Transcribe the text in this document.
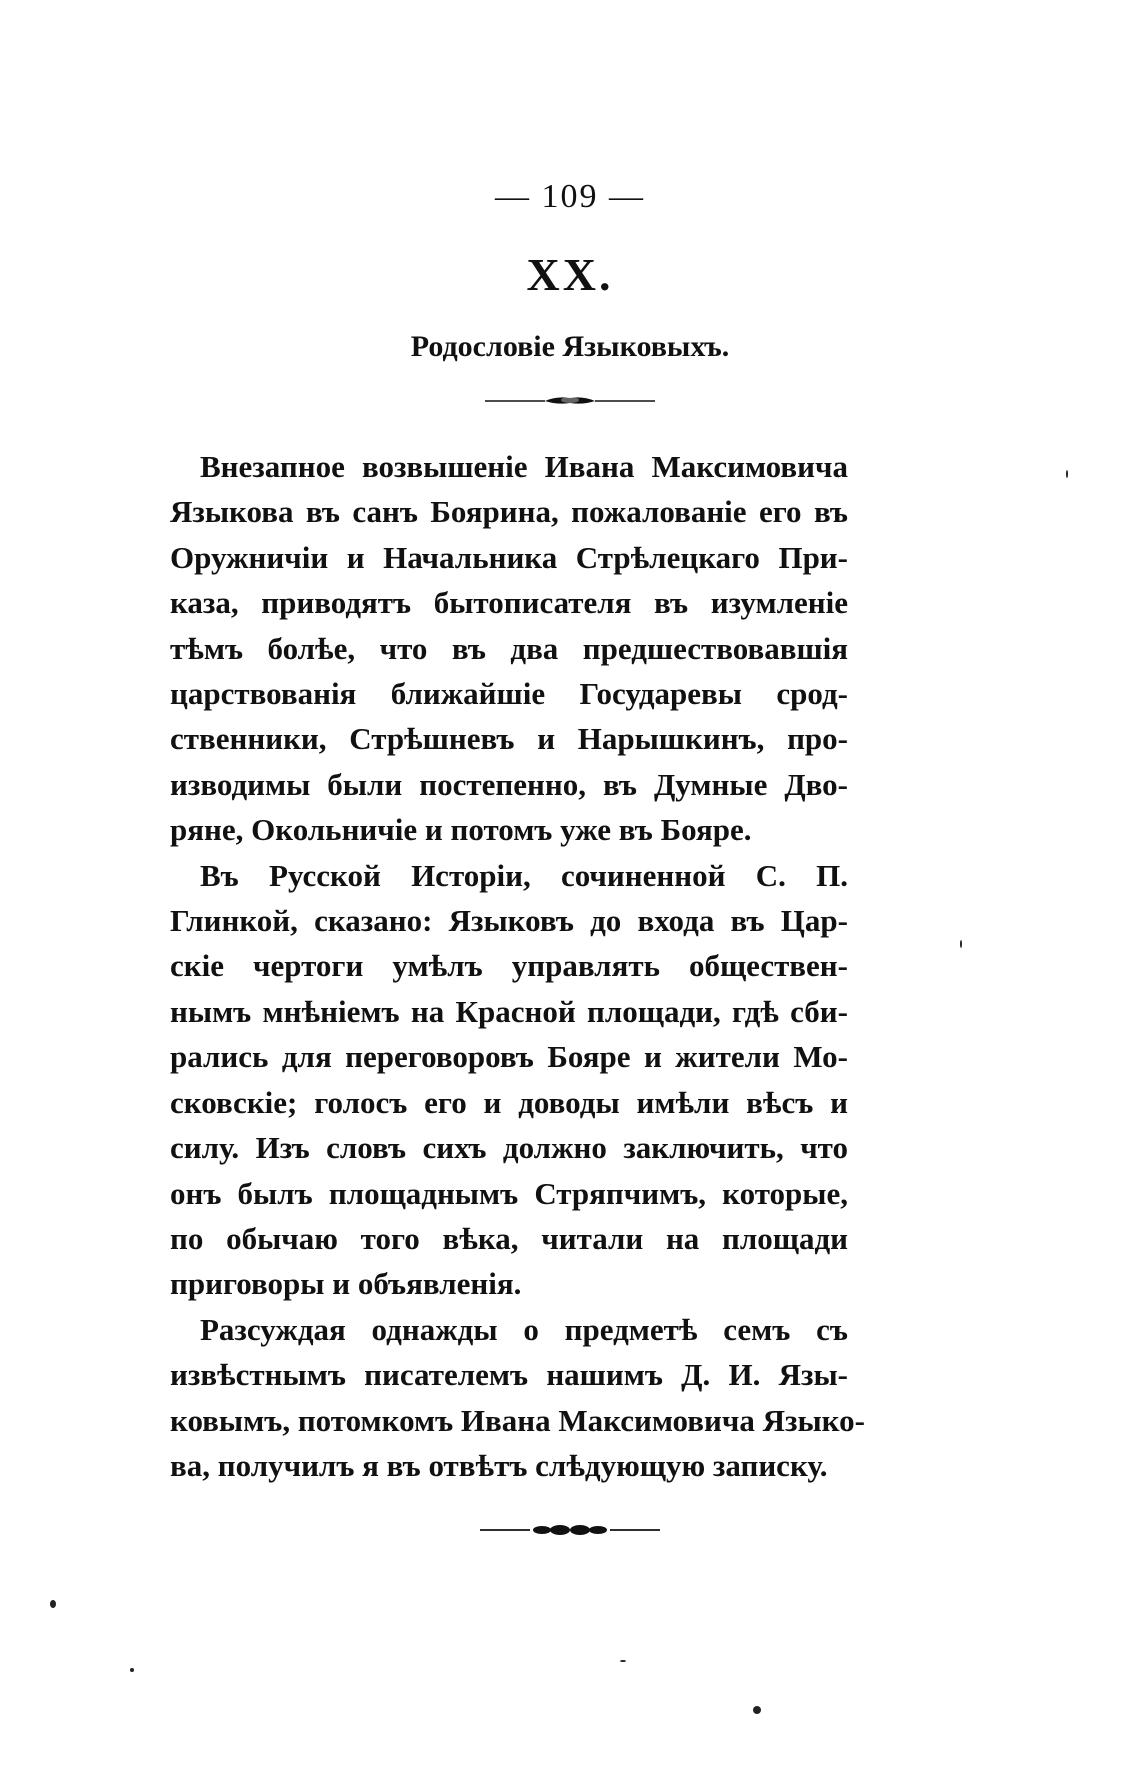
— 109 —
XX.
Родословіе Языковыхъ.
Внезапное возвышеніе Ивана Максимовича
Языкова въ санъ Боярина, пожалованіе его въ
Оружничіи и Начальника Стрѣлецкаго При-
каза, приводятъ бытописателя въ изумленіе
тѣмъ болѣе, что въ два предшествовавшія
царствованія ближайшіе Государевы срод-
ственники, Стрѣшневъ и Нарышкинъ, про-
изводимы были постепенно, въ Думные Дво-
ряне, Окольничіе и потомъ уже въ Бояре.
Въ Русской Исторіи, сочиненной С. П.
Глинкой, сказано: Языковъ до входа въ Цар-
скіе чертоги умѣлъ управлять обществен-
нымъ мнѣніемъ на Красной площади, гдѣ сби-
рались для переговоровъ Бояре и жители Мо-
сковскіе; голосъ его и доводы имѣли вѣсъ и
силу. Изъ словъ сихъ должно заключить, что
онъ былъ площаднымъ Стряпчимъ, которые,
по обычаю того вѣка, читали на площади
приговоры и объявленія.
Разсуждая однажды о предметѣ семъ съ
извѣстнымъ писателемъ нашимъ Д. И. Язы-
ковымъ, потомкомъ Ивана Максимовича Языко-
ва, получилъ я въ отвѣтъ слѣдующую записку.
